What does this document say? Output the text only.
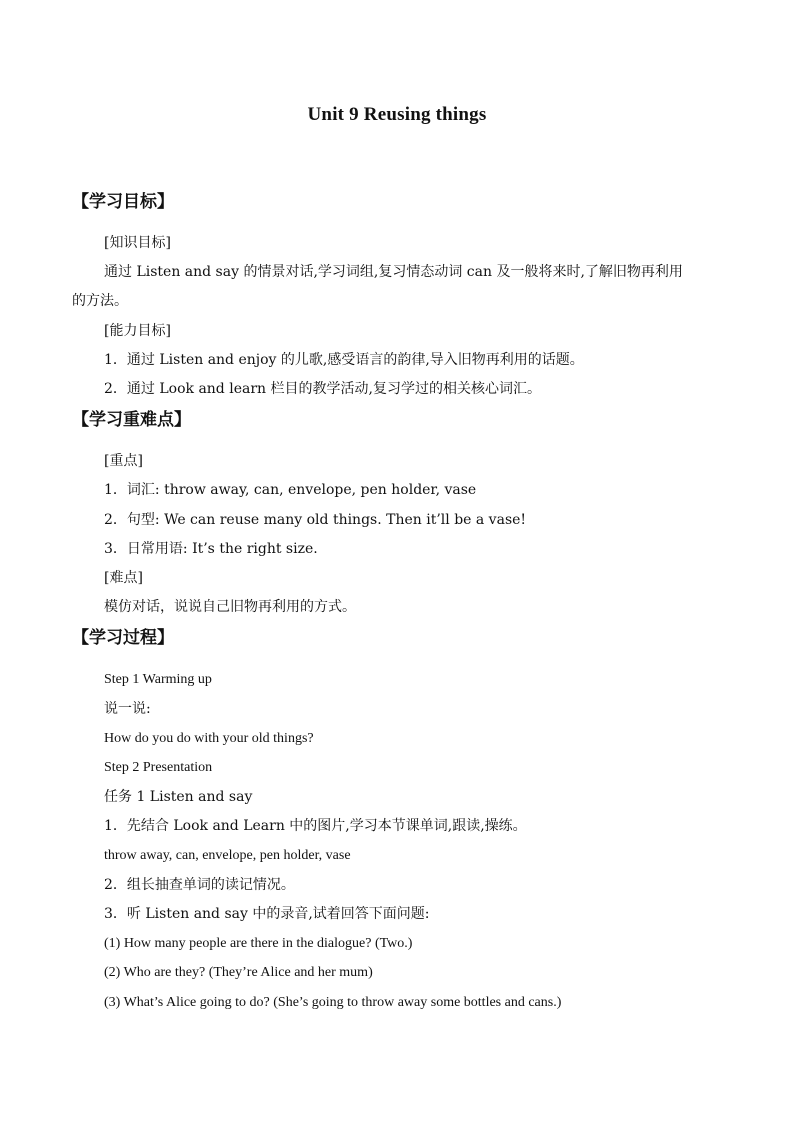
Unit 9 Reusing things
【学习目标】
[知识目标]
通过 Listen and say 的情景对话,学习词组,复习情态动词 can 及一般将来时,了解旧物再利用
的方法。
[能力目标]
1．通过 Listen and enjoy 的儿歌,感受语言的韵律,导入旧物再利用的话题。
2．通过 Look and learn 栏目的教学活动,复习学过的相关核心词汇。
【学习重难点】
[重点]
1．词汇: throw away, can, envelope, pen holder, vase
2．句型: We can reuse many old things. Then it’ll be a vase!
3．日常用语: It’s the right size.
[难点]
模仿对话，说说自己旧物再利用的方式。
【学习过程】
Step 1 Warming up
说一说:
How do you do with your old things?
Step 2 Presentation
任务 1 Listen and say
1．先结合 Look and Learn 中的图片,学习本节课单词,跟读,操练。
throw away, can, envelope, pen holder, vase
2．组长抽查单词的读记情况。
3．听 Listen and say 中的录音,试着回答下面问题:
(1) How many people are there in the dialogue? (Two.)
(2) Who are they? (They’re Alice and her mum)
(3) What’s Alice going to do? (She’s going to throw away some bottles and cans.)
